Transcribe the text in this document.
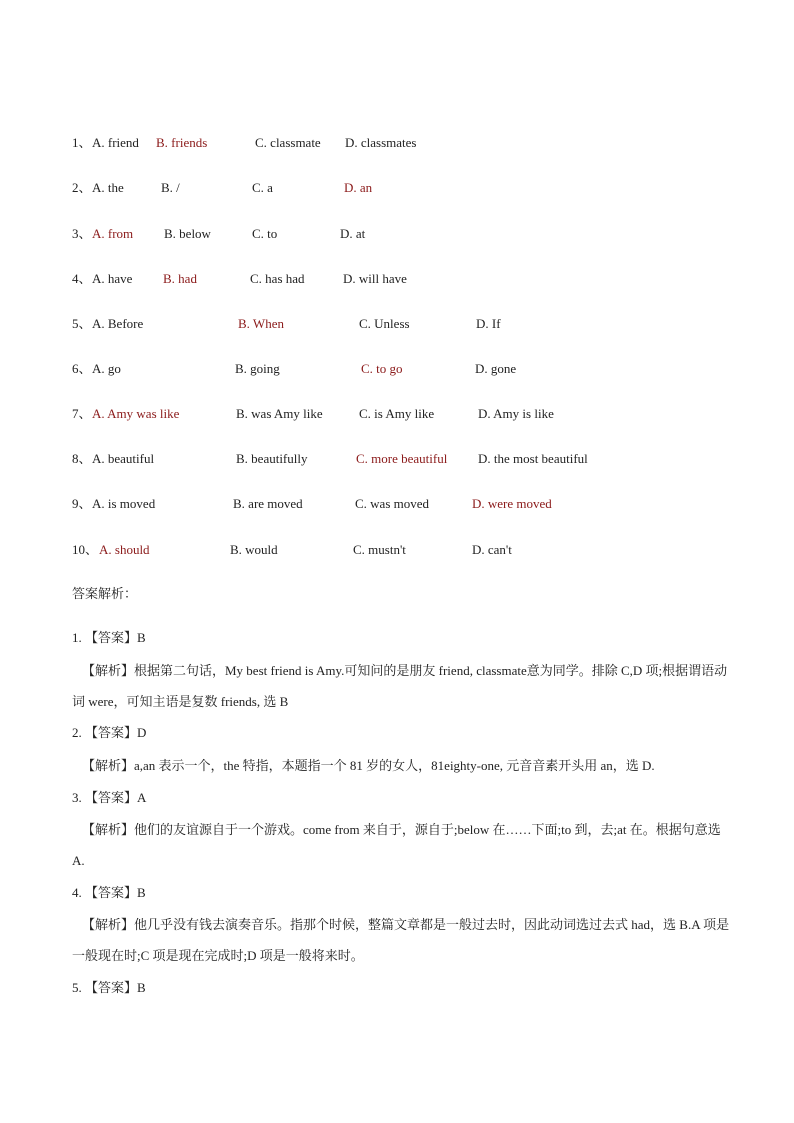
1、 A. friend B. friends	C. classmate D. classmates
2、 A. the	B. /	C. a	D. an
3、 A. from B. below	C. to	D. at
4、 A. have B. had	C. has had	D. will have
5、 A. Before	B. When	C. Unless	D. If
6、 A. go	B. going	C. to go	D. gone
7、 A. Amy was like	B. was Amy like	C. is Amy like	D. Amy is like
8、 A. beautiful	B. beautifully	C. more beautiful D. the most beautiful
9、 A. is moved	B. are moved	C. was moved	D. were moved
10、 A. should	B. would	C. mustn't	D. can't
答案解析：
1. 【答案】B
【解析】根据第二句话，My best friend is Amy.可知问的是朋友 friend, classmate意为同学。排除 C,D 项;根据谓语动词 were，可知主语是复数 friends, 选 B
2. 【答案】D
【解析】a,an 表示一个，the 特指，本题指一个 81 岁的女人，81eighty-one, 元音音素开头用 an，选 D.
3. 【答案】A
【解析】他们的友谊源自于一个游戏。come from 来自于，源自于;below 在……下面;to 到，去;at 在。根据句意选 A.
4. 【答案】B
【解析】他几乎没有钱去演奏音乐。指那个时候，整篇文章都是一般过去时，因此动词选过去式 had，选 B.A 项是一般现在时;C 项是现在完成时;D 项是一般将来时。
5. 【答案】B
